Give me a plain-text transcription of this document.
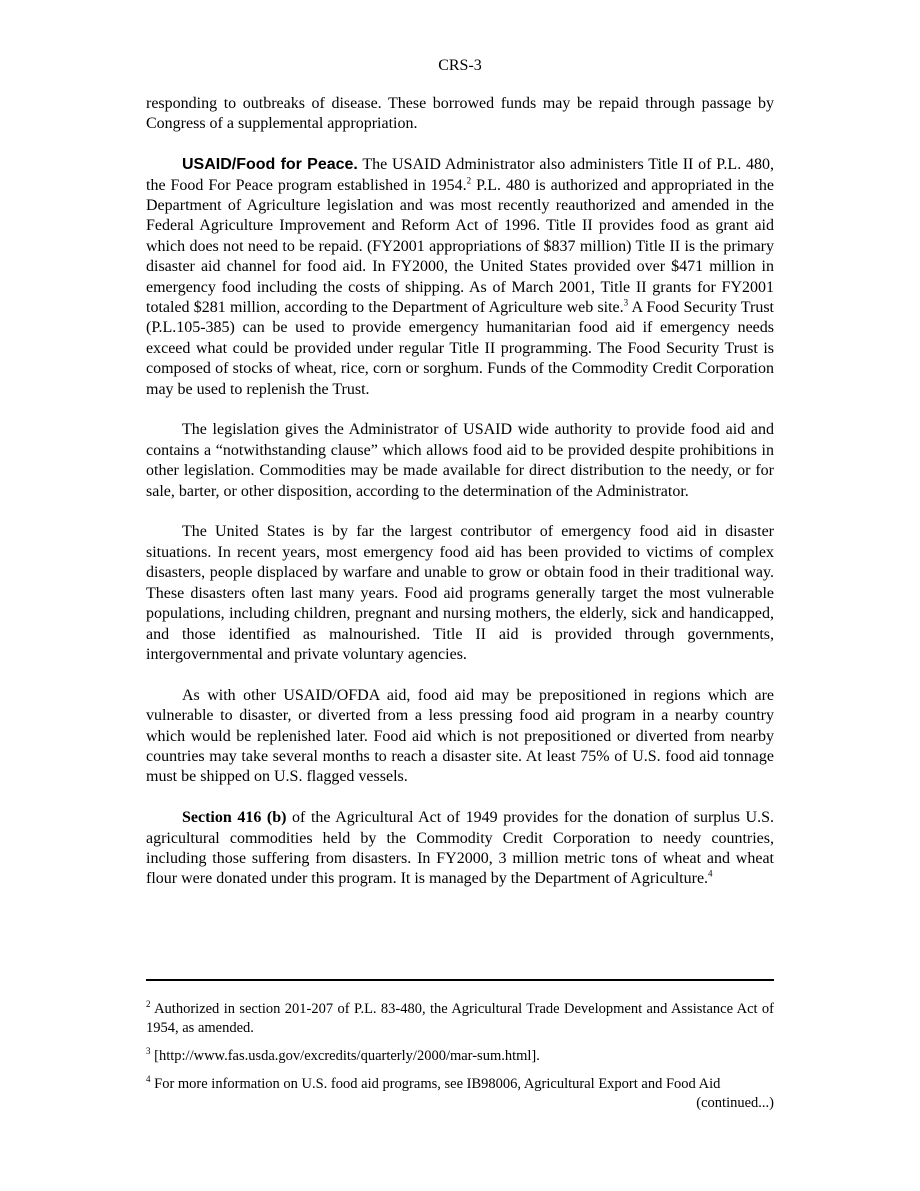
CRS-3

responding to outbreaks of disease. These borrowed funds may be repaid through passage by Congress of a supplemental appropriation.

USAID/Food for Peace. The USAID Administrator also administers Title II of P.L. 480, the Food For Peace program established in 1954.$^2$ P.L. 480 is authorized and appropriated in the Department of Agriculture legislation and was most recently reauthorized and amended in the Federal Agriculture Improvement and Reform Act of 1996. Title II provides food as grant aid which does not need to be repaid. (FY2001 appropriations of $837 million) Title II is the primary disaster aid channel for food aid. In FY2000, the United States provided over $471 million in emergency food including the costs of shipping. As of March 2001, Title II grants for FY2001 totaled $281 million, according to the Department of Agriculture web site.$^3$ A Food Security Trust (P.L.105-385) can be used to provide emergency humanitarian food aid if emergency needs exceed what could be provided under regular Title II programming. The Food Security Trust is composed of stocks of wheat, rice, corn or sorghum. Funds of the Commodity Credit Corporation may be used to replenish the Trust.

The legislation gives the Administrator of USAID wide authority to provide food aid and contains a “notwithstanding clause” which allows food aid to be provided despite prohibitions in other legislation. Commodities may be made available for direct distribution to the needy, or for sale, barter, or other disposition, according to the determination of the Administrator.

The United States is by far the largest contributor of emergency food aid in disaster situations. In recent years, most emergency food aid has been provided to victims of complex disasters, people displaced by warfare and unable to grow or obtain food in their traditional way. These disasters often last many years. Food aid programs generally target the most vulnerable populations, including children, pregnant and nursing mothers, the elderly, sick and handicapped, and those identified as malnourished. Title II aid is provided through governments, intergovernmental and private voluntary agencies.

As with other USAID/OFDA aid, food aid may be prepositioned in regions which are vulnerable to disaster, or diverted from a less pressing food aid program in a nearby country which would be replenished later. Food aid which is not prepositioned or diverted from nearby countries may take several months to reach a disaster site. At least 75% of U.S. food aid tonnage must be shipped on U.S. flagged vessels.

Section 416 (b) of the Agricultural Act of 1949 provides for the donation of surplus U.S. agricultural commodities held by the Commodity Credit Corporation to needy countries, including those suffering from disasters. In FY2000, 3 million metric tons of wheat and wheat flour were donated under this program. It is managed by the Department of Agriculture.$^4$

$^2$ Authorized in section 201-207 of P.L. 83-480, the Agricultural Trade Development and Assistance Act of 1954, as amended.

$^3$ [http://www.fas.usda.gov/excredits/quarterly/2000/mar-sum.html].

$^4$ For more information on U.S. food aid programs, see IB98006, Agricultural Export and Food Aid

(continued...)
